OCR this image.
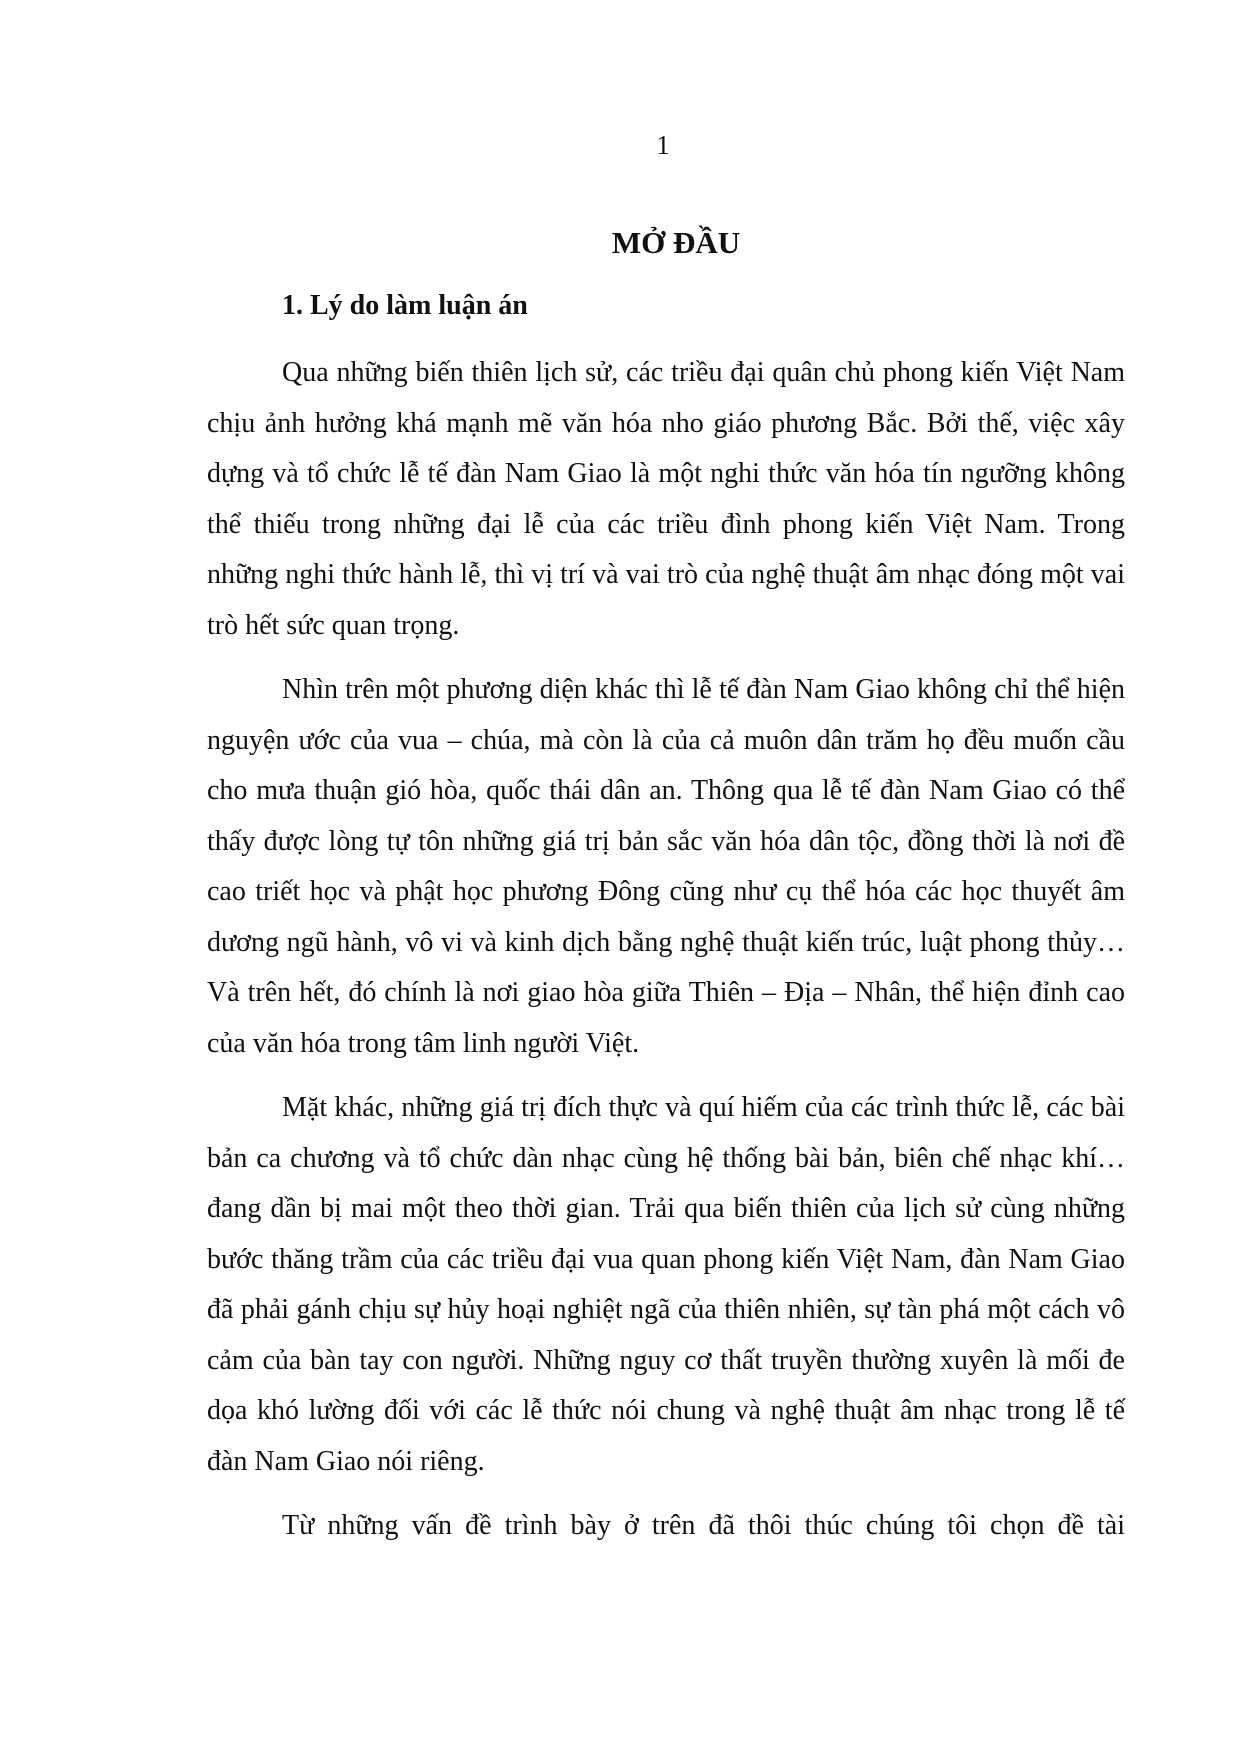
1
MỞ ĐẦU
1. Lý do làm luận án

Qua những biến thiên lịch sử, các triều đại quân chủ phong kiến Việt Nam chịu ảnh hưởng khá mạnh mẽ văn hóa nho giáo phương Bắc. Bởi thế, việc xây dựng và tổ chức lễ tế đàn Nam Giao là một nghi thức văn hóa tín ngưỡng không thể thiếu trong những đại lễ của các triều đình phong kiến Việt Nam. Trong những nghi thức hành lễ, thì vị trí và vai trò của nghệ thuật âm nhạc đóng một vai trò hết sức quan trọng.

Nhìn trên một phương diện khác thì lễ tế đàn Nam Giao không chỉ thể hiện nguyện ước của vua – chúa, mà còn là của cả muôn dân trăm họ đều muốn cầu cho mưa thuận gió hòa, quốc thái dân an. Thông qua lễ tế đàn Nam Giao có thể thấy được lòng tự tôn những giá trị bản sắc văn hóa dân tộc, đồng thời là nơi đề cao triết học và phật học phương Đông cũng như cụ thể hóa các học thuyết âm dương ngũ hành, vô vi và kinh dịch bằng nghệ thuật kiến trúc, luật phong thủy… Và trên hết, đó chính là nơi giao hòa giữa Thiên – Địa – Nhân, thể hiện đỉnh cao của văn hóa trong tâm linh người Việt.

Mặt khác, những giá trị đích thực và quí hiếm của các trình thức lễ, các bài bản ca chương và tổ chức dàn nhạc cùng hệ thống bài bản, biên chế nhạc khí… đang dần bị mai một theo thời gian. Trải qua biến thiên của lịch sử cùng những bước thăng trầm của các triều đại vua quan phong kiến Việt Nam, đàn Nam Giao đã phải gánh chịu sự hủy hoại nghiệt ngã của thiên nhiên, sự tàn phá một cách vô cảm của bàn tay con người. Những nguy cơ thất truyền thường xuyên là mối đe dọa khó lường đối với các lễ thức nói chung và nghệ thuật âm nhạc trong lễ tế đàn Nam Giao nói riêng.

Từ những vấn đề trình bày ở trên đã thôi thúc chúng tôi chọn đề tài
